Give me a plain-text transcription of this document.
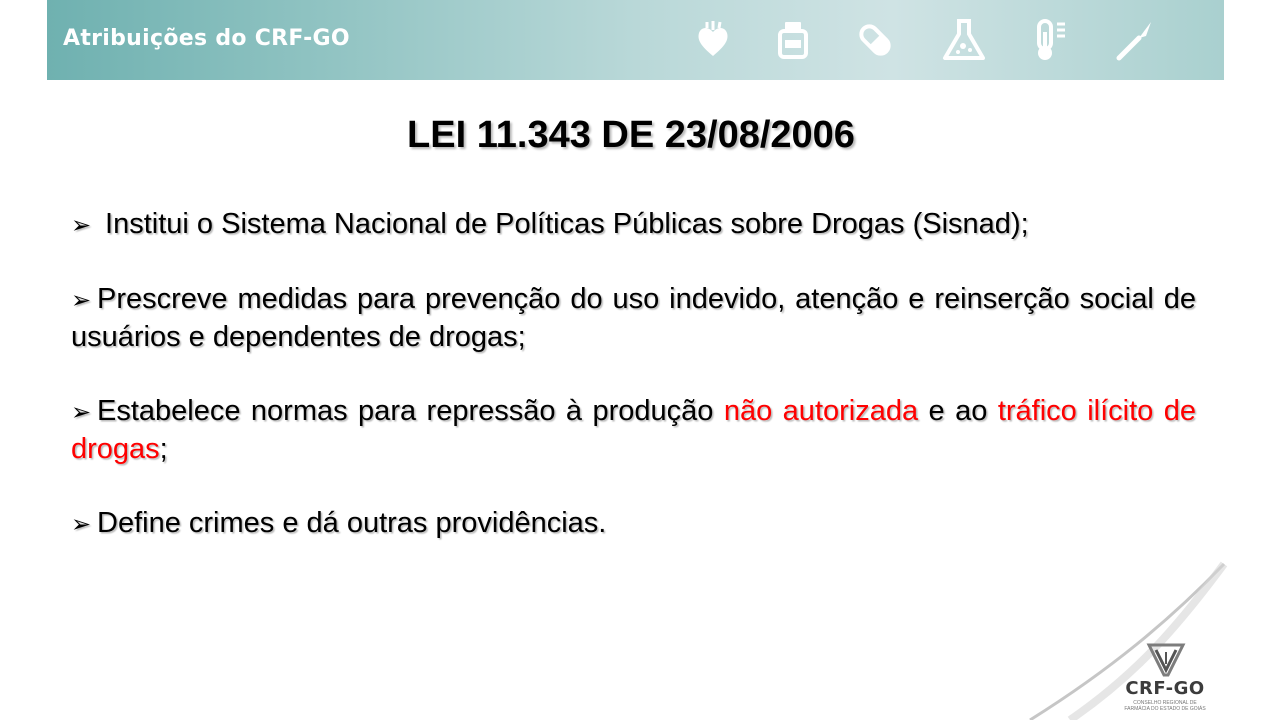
Atribuições do CRF-GO
LEI 11.343 DE 23/08/2006
➢ Institui o Sistema Nacional de Políticas Públicas sobre Drogas (Sisnad);
➢ Prescreve medidas para prevenção do uso indevido, atenção e reinserção social de usuários e dependentes de drogas;
➢ Estabelece normas para repressão à produção não autorizada e ao tráfico ilícito de drogas;
➢ Define crimes e dá outras providências.
CRF-GO
CONSELHO REGIONAL DE FARMÁCIA DO ESTADO DE GOIÁS
